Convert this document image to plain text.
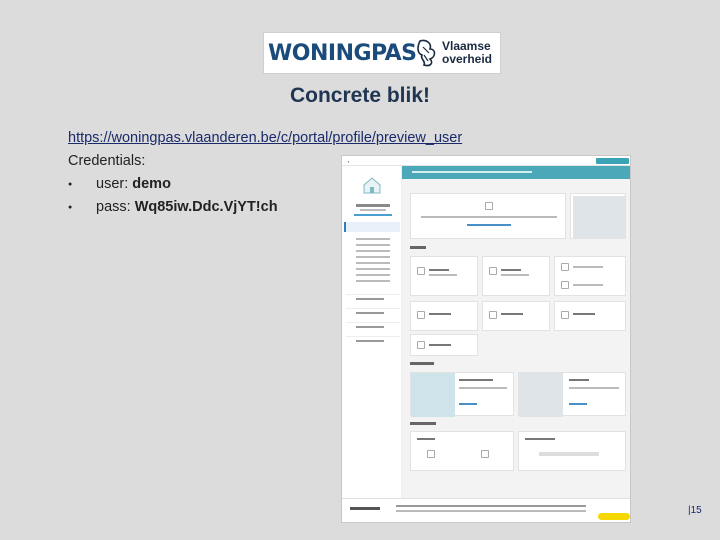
WONINGPAS Vlaamse
overheid
Concrete blik!
https://woningpas.vlaanderen.be/c/portal/profile/preview_user
Credentials:
● user: demo
● pass: Wq85iw.Ddc.VjYT!ch
▪
|15
